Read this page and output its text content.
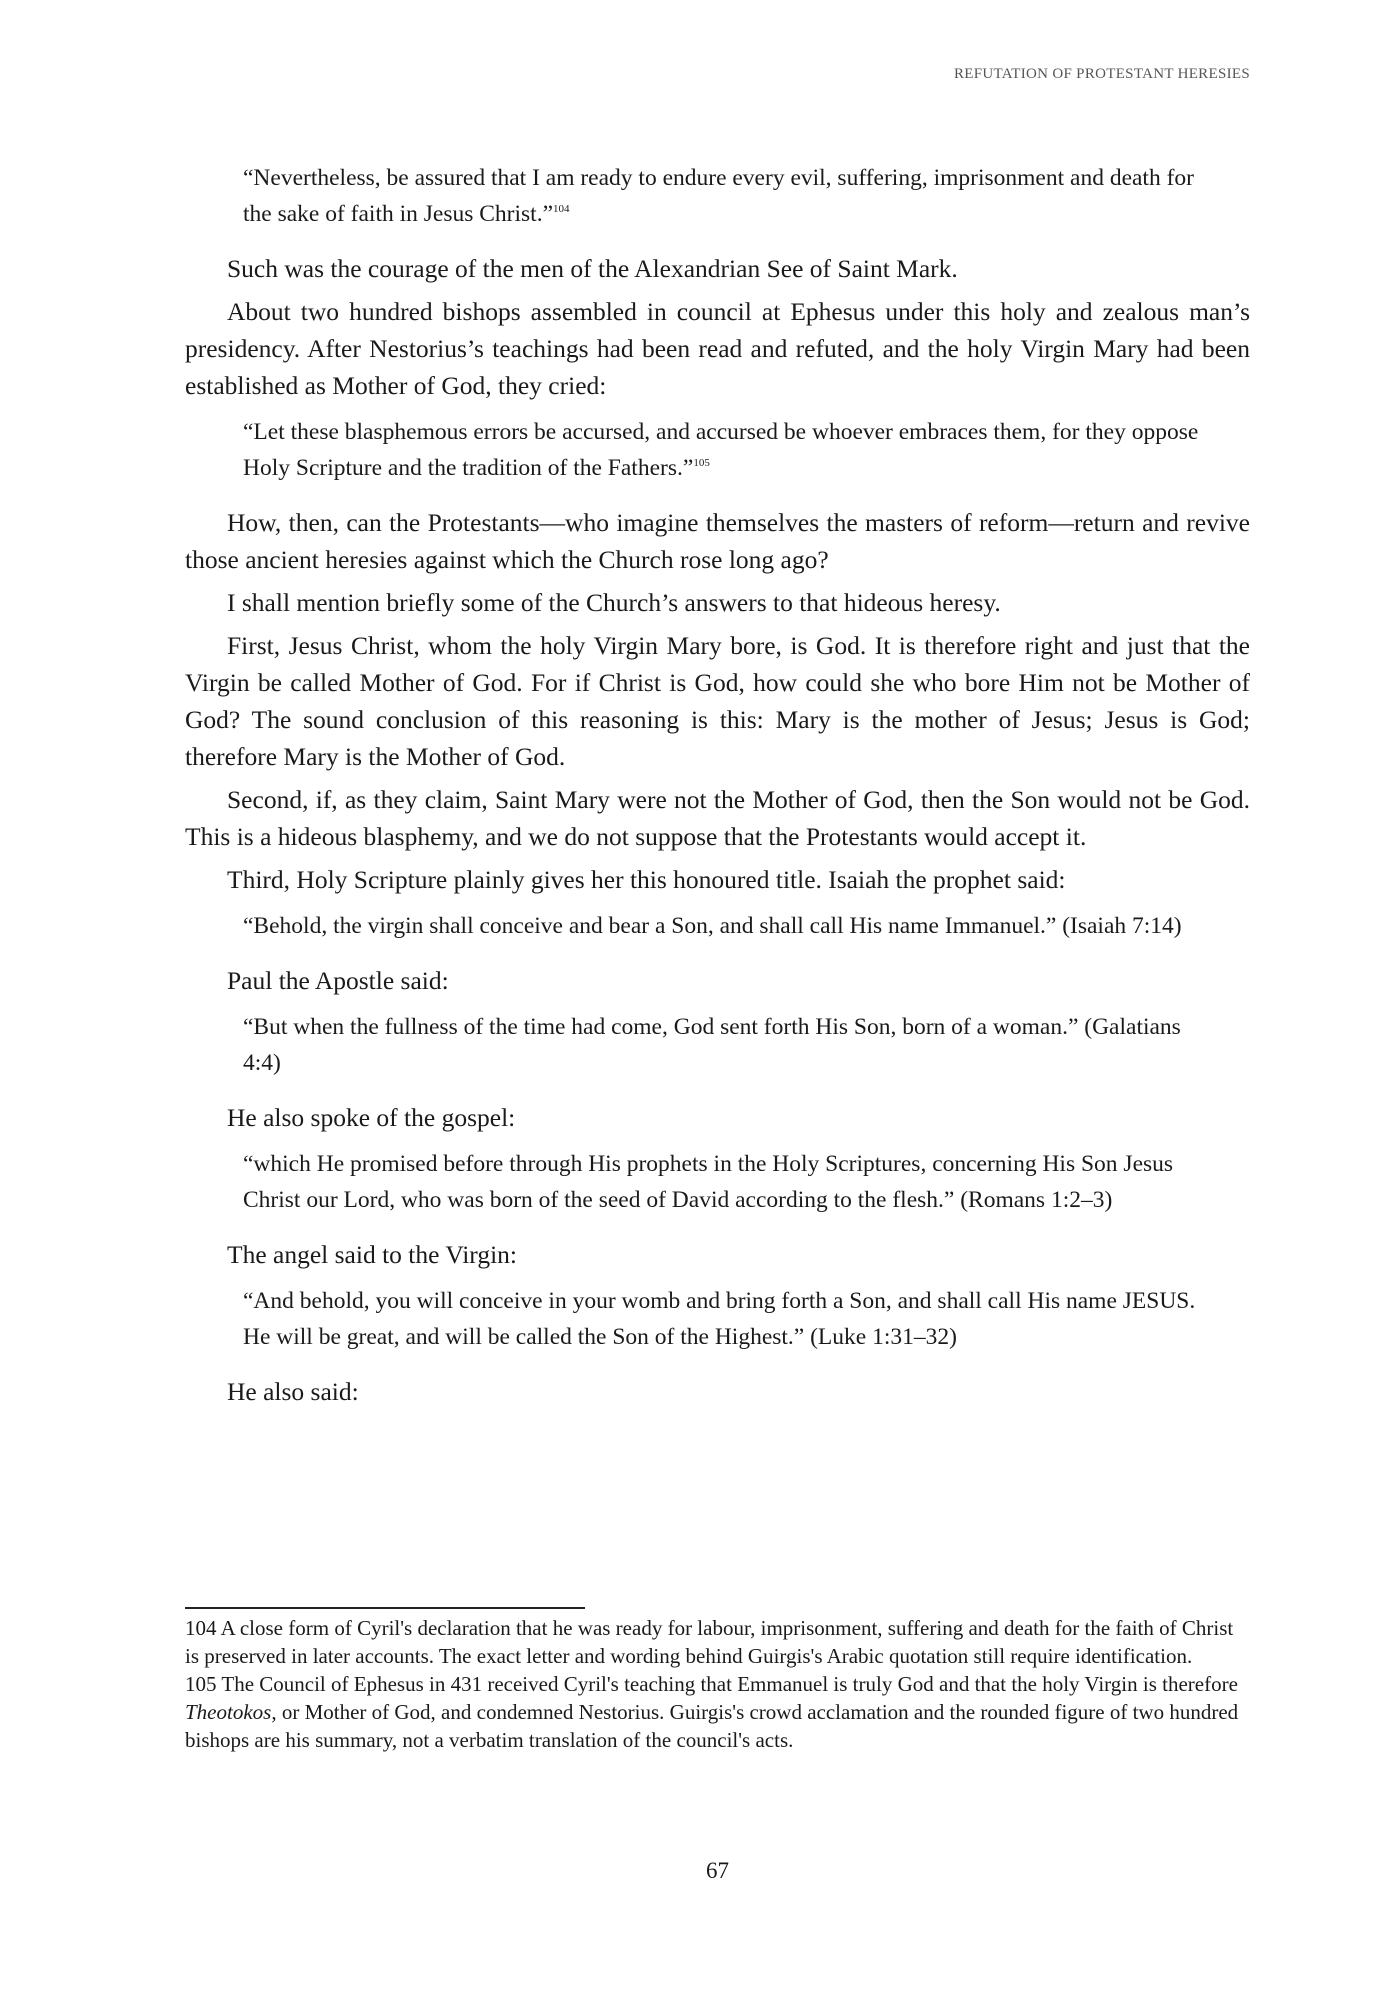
REFUTATION OF PROTESTANT HERESIES
“Nevertheless, be assured that I am ready to endure every evil, suffering, imprisonment and death for the sake of faith in Jesus Christ.”$^{104}$

Such was the courage of the men of the Alexandrian See of Saint Mark.

About two hundred bishops assembled in council at Ephesus under this holy and zealous man’s presidency. After Nestorius’s teachings had been read and refuted, and the holy Virgin Mary had been established as Mother of God, they cried:

“Let these blasphemous errors be accursed, and accursed be whoever embraces them, for they oppose Holy Scripture and the tradition of the Fathers.”$^{105}$

How, then, can the Protestants—who imagine themselves the masters of reform—return and revive those ancient heresies against which the Church rose long ago?

I shall mention briefly some of the Church’s answers to that hideous heresy.

First, Jesus Christ, whom the holy Virgin Mary bore, is God. It is therefore right and just that the Virgin be called Mother of God. For if Christ is God, how could she who bore Him not be Mother of God? The sound conclusion of this reasoning is this: Mary is the mother of Jesus; Jesus is God; therefore Mary is the Mother of God.

Second, if, as they claim, Saint Mary were not the Mother of God, then the Son would not be God. This is a hideous blasphemy, and we do not suppose that the Protestants would accept it.

Third, Holy Scripture plainly gives her this honoured title. Isaiah the prophet said:

“Behold, the virgin shall conceive and bear a Son, and shall call His name Immanuel.” (Isaiah 7:14)

Paul the Apostle said:

“But when the fullness of the time had come, God sent forth His Son, born of a woman.” (Galatians 4:4)

He also spoke of the gospel:

“which He promised before through His prophets in the Holy Scriptures, concerning His Son Jesus Christ our Lord, who was born of the seed of David according to the flesh.” (Romans 1:2–3)

The angel said to the Virgin:

“And behold, you will conceive in your womb and bring forth a Son, and shall call His name JESUS. He will be great, and will be called the Son of the Highest.” (Luke 1:31–32)

He also said:

104 A close form of Cyril's declaration that he was ready for labour, imprisonment, suffering and death for the faith of Christ is preserved in later accounts. The exact letter and wording behind Guirgis's Arabic quotation still require identification.

105 The Council of Ephesus in 431 received Cyril's teaching that Emmanuel is truly God and that the holy Virgin is therefore Theotokos, or Mother of God, and condemned Nestorius. Guirgis's crowd acclamation and the rounded figure of two hundred bishops are his summary, not a verbatim translation of the council's acts.

67
